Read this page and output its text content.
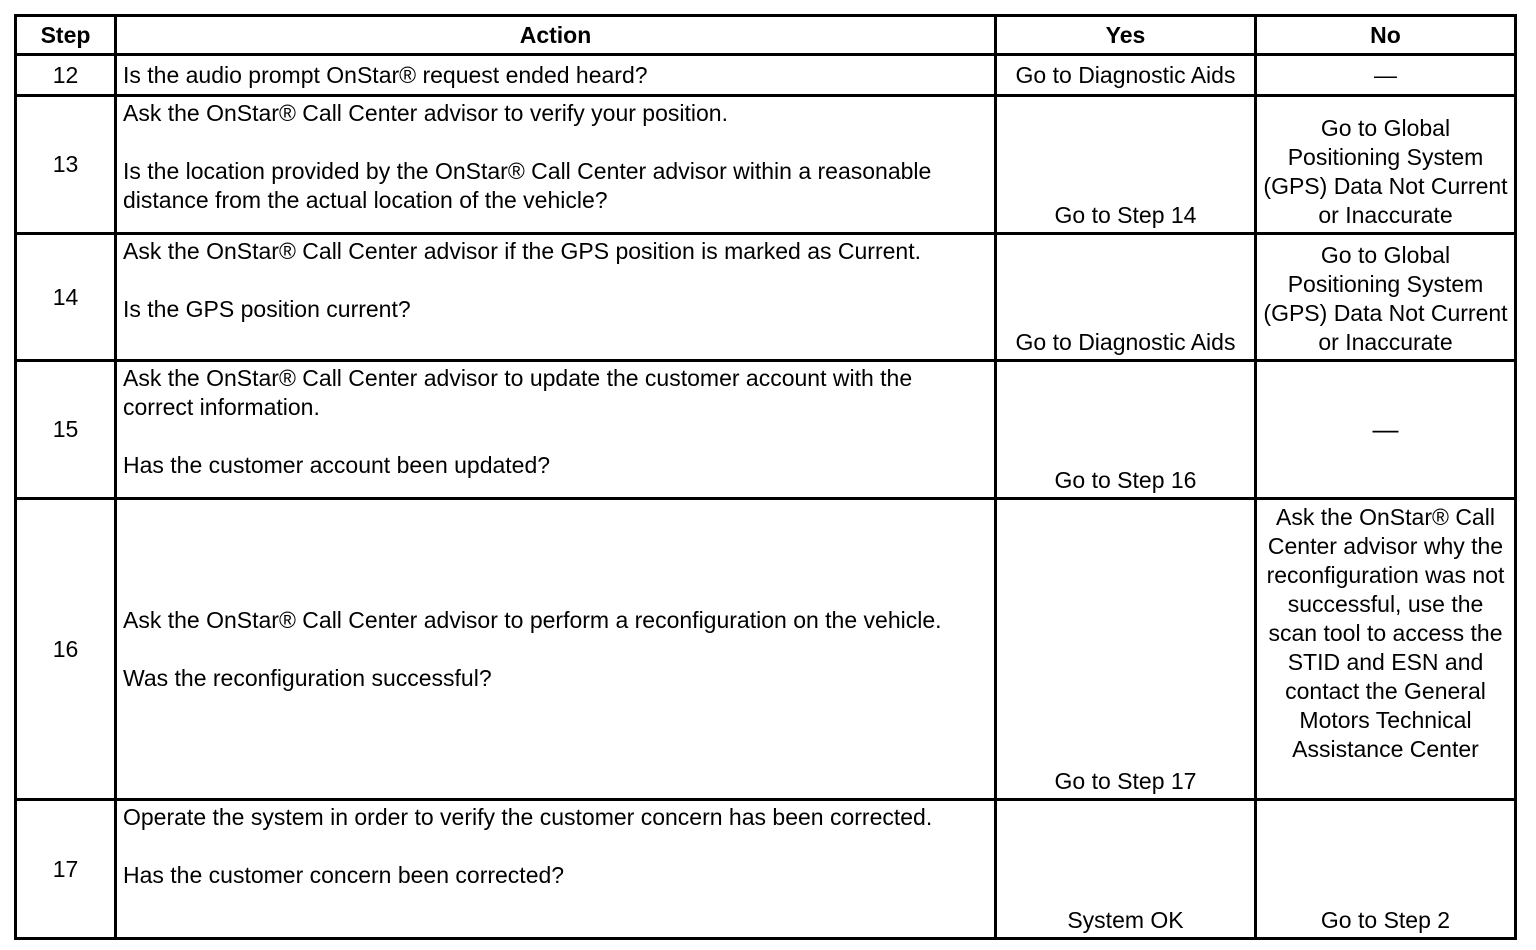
Step	Action	Yes	No
12	Is the audio prompt OnStar® request ended heard?	Go to Diagnostic Aids	—
13	Ask the OnStar® Call Center advisor to verify your position.
Is the location provided by the OnStar® Call Center advisor within a reasonable distance from the actual location of the vehicle?	Go to Step 14	Go to Global Positioning System (GPS) Data Not Current or Inaccurate
14	Ask the OnStar® Call Center advisor if the GPS position is marked as Current.
Is the GPS position current?	Go to Diagnostic Aids	Go to Global Positioning System (GPS) Data Not Current or Inaccurate
15	Ask the OnStar® Call Center advisor to update the customer account with the correct information.
Has the customer account been updated?	Go to Step 16	—
16	Ask the OnStar® Call Center advisor to perform a reconfiguration on the vehicle.
Was the reconfiguration successful?	Go to Step 17	Ask the OnStar® Call Center advisor why the reconfiguration was not successful, use the scan tool to access the STID and ESN and contact the General Motors Technical Assistance Center
17	Operate the system in order to verify the customer concern has been corrected.
Has the customer concern been corrected?	System OK	Go to Step 2
